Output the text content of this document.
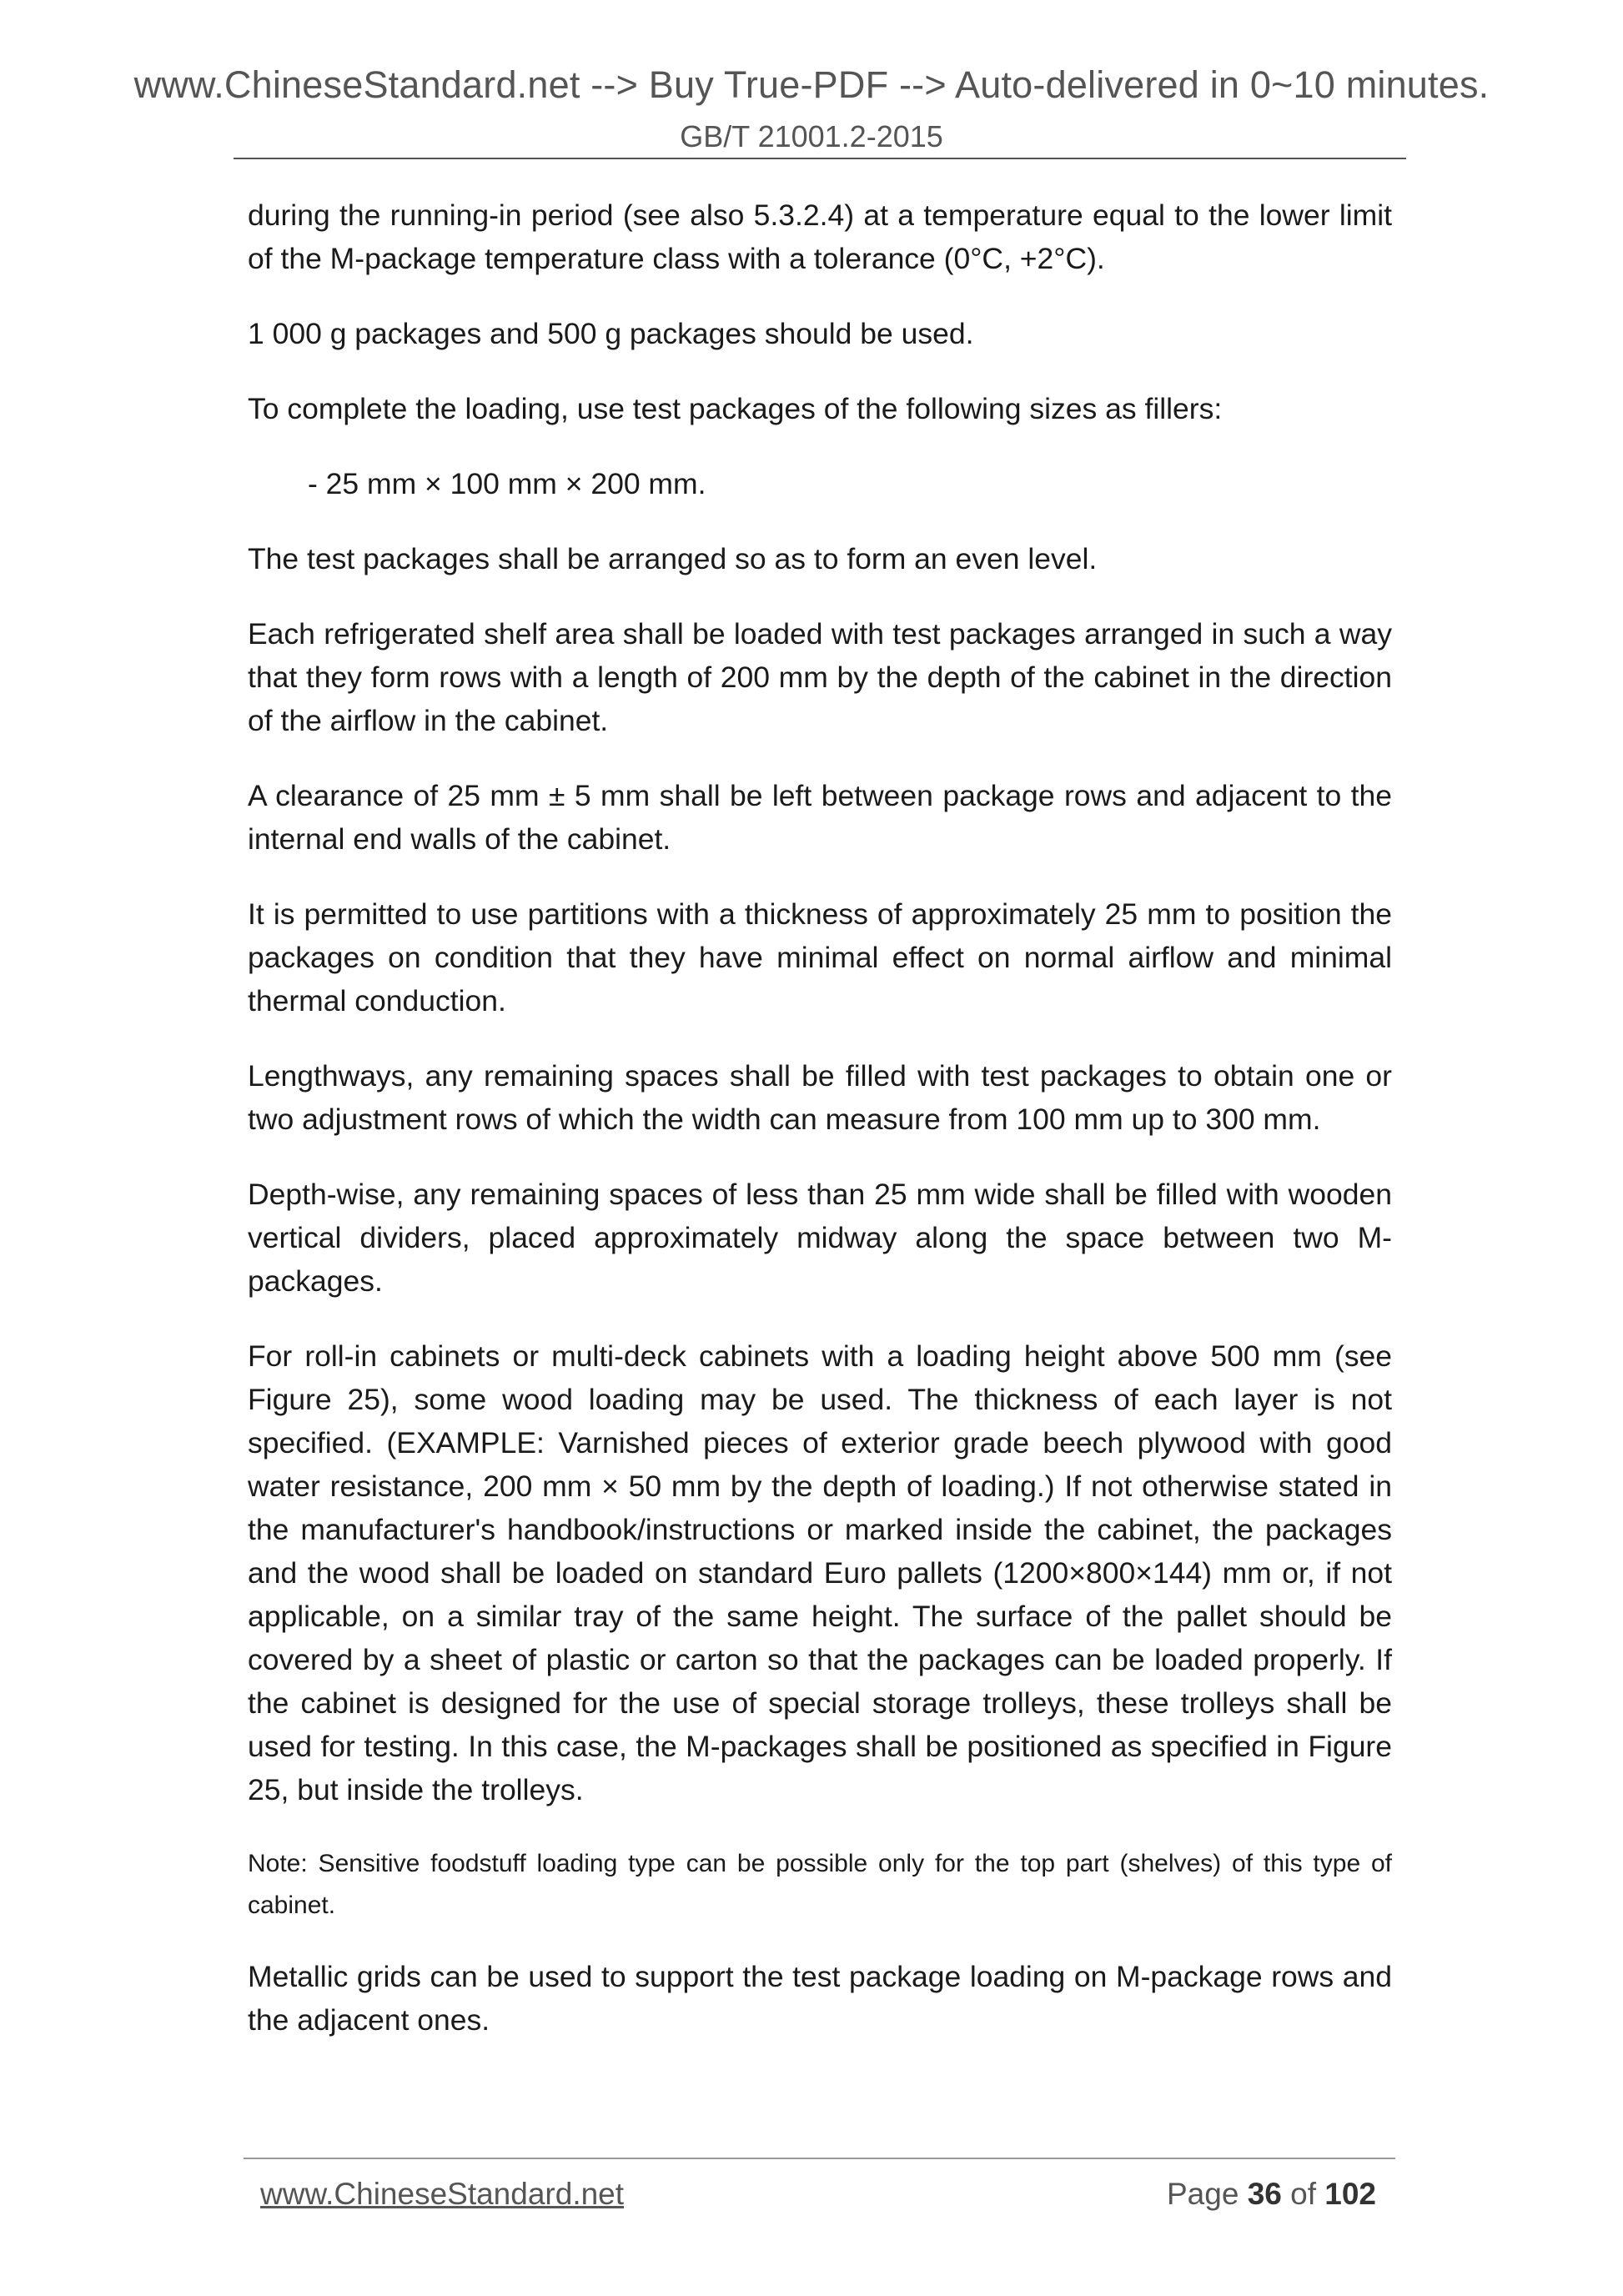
www.ChineseStandard.net --> Buy True-PDF --> Auto-delivered in 0~10 minutes.
GB/T 21001.2-2015

during the running-in period (see also 5.3.2.4) at a temperature equal to the lower limit of the M-package temperature class with a tolerance (0°C, +2°C).

1 000 g packages and 500 g packages should be used.

To complete the loading, use test packages of the following sizes as fillers:

- 25 mm × 100 mm × 200 mm.

The test packages shall be arranged so as to form an even level.

Each refrigerated shelf area shall be loaded with test packages arranged in such a way that they form rows with a length of 200 mm by the depth of the cabinet in the direction of the airflow in the cabinet.

A clearance of 25 mm ± 5 mm shall be left between package rows and adjacent to the internal end walls of the cabinet.

It is permitted to use partitions with a thickness of approximately 25 mm to position the packages on condition that they have minimal effect on normal airflow and minimal thermal conduction.

Lengthways, any remaining spaces shall be filled with test packages to obtain one or two adjustment rows of which the width can measure from 100 mm up to 300 mm.

Depth-wise, any remaining spaces of less than 25 mm wide shall be filled with wooden vertical dividers, placed approximately midway along the space between two M-packages.

For roll-in cabinets or multi-deck cabinets with a loading height above 500 mm (see Figure 25), some wood loading may be used. The thickness of each layer is not specified. (EXAMPLE: Varnished pieces of exterior grade beech plywood with good water resistance, 200 mm × 50 mm by the depth of loading.) If not otherwise stated in the manufacturer's handbook/instructions or marked inside the cabinet, the packages and the wood shall be loaded on standard Euro pallets (1200×800×144) mm or, if not applicable, on a similar tray of the same height. The surface of the pallet should be covered by a sheet of plastic or carton so that the packages can be loaded properly. If the cabinet is designed for the use of special storage trolleys, these trolleys shall be used for testing. In this case, the M-packages shall be positioned as specified in Figure 25, but inside the trolleys.

Note: Sensitive foodstuff loading type can be possible only for the top part (shelves) of this type of cabinet.

Metallic grids can be used to support the test package loading on M-package rows and the adjacent ones.

www.ChineseStandard.net	Page 36 of 102
